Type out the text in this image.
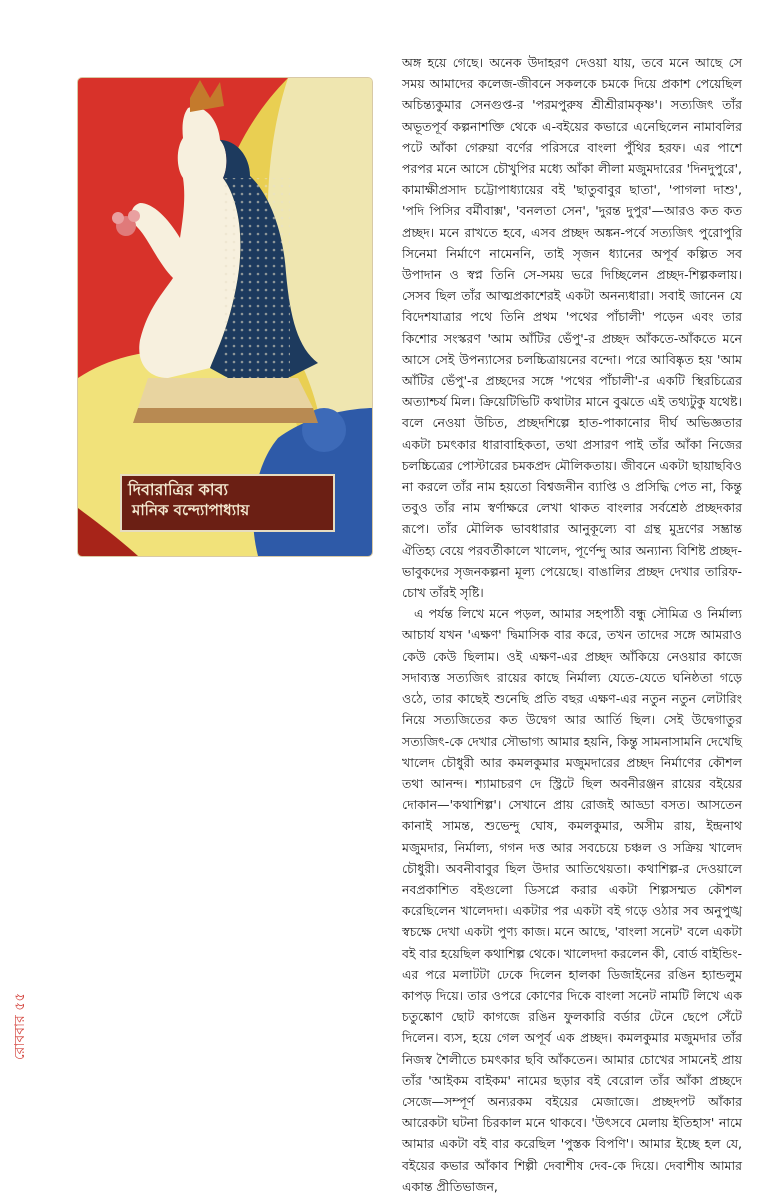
দিবারাত্রির কাব্য
মানিক বন্দ্যোপাধ্যায়

অঙ্গ হয়ে গেছে। অনেক উদাহরণ দেওয়া যায়, তবে মনে আছে সে সময় আমাদের কলেজ-জীবনে সকলকে চমকে দিয়ে প্রকাশ পেয়েছিল অচিন্ত্যকুমার সেনগুপ্ত-র 'পরমপুরুষ শ্রীশ্রীরামকৃষ্ণ'। সত্যজিৎ তাঁর অভূতপূর্ব কল্পনাশক্তি থেকে এ-বইয়ের কভারে এনেছিলেন নামাবলির পটে আঁকা গেরুয়া বর্ণের পরিসরে বাংলা পুঁথির হরফ। এর পাশে পরপর মনে আসে চৌখুপির মধ্যে আঁকা লীলা মজুমদারের 'দিনদুপুরে', কামাক্ষীপ্রসাদ চট্টোপাধ্যায়ের বই 'ছাতুবাবুর ছাতা', 'পাগলা দাশু', 'পদি পিসির বর্মীবাক্স', 'বনলতা সেন', 'দুরন্ত দুপুর'—আরও কত কত প্রচ্ছদ। মনে রাখতে হবে, এসব প্রচ্ছদ অঙ্কন-পর্বে সত্যজিৎ পুরোপুরি সিনেমা নির্মাণে নামেননি, তাই সৃজন ধ্যানের অপূর্ব কল্পিত সব উপাদান ও স্বপ্ন তিনি সে-সময় ভরে দিচ্ছিলেন প্রচ্ছদ-শিল্পকলায়। সেসব ছিল তাঁর আত্মপ্রকাশেরই একটা অনন্যধারা। সবাই জানেন যে বিদেশযাত্রার পথে তিনি প্রথম 'পথের পাঁচালী' পড়েন এবং তার কিশোর সংস্করণ 'আম আঁটির ভেঁপু'-র প্রচ্ছদ আঁকতে-আঁকতে মনে আসে সেই উপন্যাসের চলচ্চিত্রায়নের বন্দো। পরে আবিষ্কৃত হয় 'আম আঁটির ভেঁপু'-র প্রচ্ছদের সঙ্গে 'পথের পাঁচালী'-র একটি স্থিরচিত্রের অত্যাশ্চর্য মিল। ক্রিয়েটিভিটি কথাটার মানে বুঝতে এই তথ্যটুকু যথেষ্ট। বলে নেওয়া উচিত, প্রচ্ছদশিল্পে হাত-পাকানোর দীর্ঘ অভিজ্ঞতার একটা চমৎকার ধারাবাহিকতা, তথা প্রসারণ পাই তাঁর আঁকা নিজের চলচ্চিত্রের পোস্টারের চমকপ্রদ মৌলিকতায়। জীবনে একটা ছায়াছবিও না করলে তাঁর নাম হয়তো বিশ্বজনীন ব্যাপ্তি ও প্রসিদ্ধি পেত না, কিন্তু তবুও তাঁর নাম স্বর্ণাক্ষরে লেখা থাকত বাংলার সর্বশ্রেষ্ঠ প্রচ্ছদকার রূপে। তাঁর মৌলিক ভাবধারার আনুকূল্যে বা গ্রন্থ মুদ্রণের সম্ভ্রান্ত ঐতিহ্য বেয়ে পরবর্তীকালে খালেদ, পূর্ণেন্দু আর অন্যান্য বিশিষ্ট প্রচ্ছদ-ভাবুকদের সৃজনকল্পনা মূল্য পেয়েছে। বাঙালির প্রচ্ছদ দেখার তারিফ-চোখ তাঁরই সৃষ্টি।

এ পর্যন্ত লিখে মনে পড়ল, আমার সহপাঠী বন্ধু সৌমিত্র ও নির্মাল্য আচার্য যখন 'এক্ষণ' দ্বিমাসিক বার করে, তখন তাদের সঙ্গে আমরাও কেউ কেউ ছিলাম। ওই এক্ষণ-এর প্রচ্ছদ আঁকিয়ে নেওয়ার কাজে সদাব্যস্ত সত্যজিৎ রায়ের কাছে নির্মাল্য যেতে-যেতে ঘনিষ্ঠতা গড়ে ওঠে, তার কাছেই শুনেছি প্রতি বছর এক্ষণ-এর নতুন নতুন লেটারিং নিয়ে সত্যজিতের কত উদ্বেগ আর আর্তি ছিল। সেই উদ্বেগাতুর সত্যজিৎ-কে দেখার সৌভাগ্য আমার হয়নি, কিন্তু সামনাসামনি দেখেছি খালেদ চৌধুরী আর কমলকুমার মজুমদারের প্রচ্ছদ নির্মাণের কৌশল তথা আনন্দ। শ্যামাচরণ দে স্ট্রিটে ছিল অবনীরঞ্জন রায়ের বইয়ের দোকান—'কথাশিল্প'। সেখানে প্রায় রোজই আড্ডা বসত। আসতেন কানাই সামন্ত, শুভেন্দু ঘোষ, কমলকুমার, অসীম রায়, ইন্দ্রনাথ মজুমদার, নির্মাল্য, গগন দত্ত আর সবচেয়ে চঞ্চল ও সক্রিয় খালেদ চৌধুরী। অবনীবাবুর ছিল উদার আতিথেয়তা। কথাশিল্প-র দেওয়ালে নবপ্রকাশিত বইগুলো ডিসপ্লে করার একটা শিল্পসম্মত কৌশল করেছিলেন খালেদদা। একটার পর একটা বই গড়ে ওঠার সব অনুপুঙ্খ স্বচক্ষে দেখা একটা পুণ্য কাজ। মনে আছে, 'বাংলা সনেট' বলে একটা বই বার হয়েছিল কথাশিল্প থেকে। খালেদদা করলেন কী, বোর্ড বাইন্ডিং-এর পরে মলাটটা ঢেকে দিলেন হালকা ডিজাইনের রঙিন হ্যান্ডলুম কাপড় দিয়ে। তার ওপরে কোণের দিকে বাংলা সনেট নামটি লিখে এক চতুষ্কোণ ছোট কাগজে রঙিন ফুলকারি বর্ডার টেনে ছেপে সেঁটে দিলেন। ব্যস, হয়ে গেল অপূর্ব এক প্রচ্ছদ। কমলকুমার মজুমদার তাঁর নিজস্ব শৈলীতে চমৎকার ছবি আঁকতেন। আমার চোখের সামনেই প্রায় তাঁর 'আইকম বাইকম' নামের ছড়ার বই বেরোল তাঁর আঁকা প্রচ্ছদে সেজে—সম্পূর্ণ অন্যরকম বইয়ের মেজাজে। প্রচ্ছদপট আঁকার আরেকটা ঘটনা চিরকাল মনে থাকবে। 'উৎসবে মেলায় ইতিহাস' নামে আমার একটা বই বার করেছিল 'পুস্তক বিপণি'। আমার ইচ্ছে হল যে, বইয়ের কভার আঁকাব শিল্পী দেবাশীষ দেব-কে দিয়ে। দেবাশীষ আমার একান্ত প্রীতিভাজন,

রোববার ৫৫
